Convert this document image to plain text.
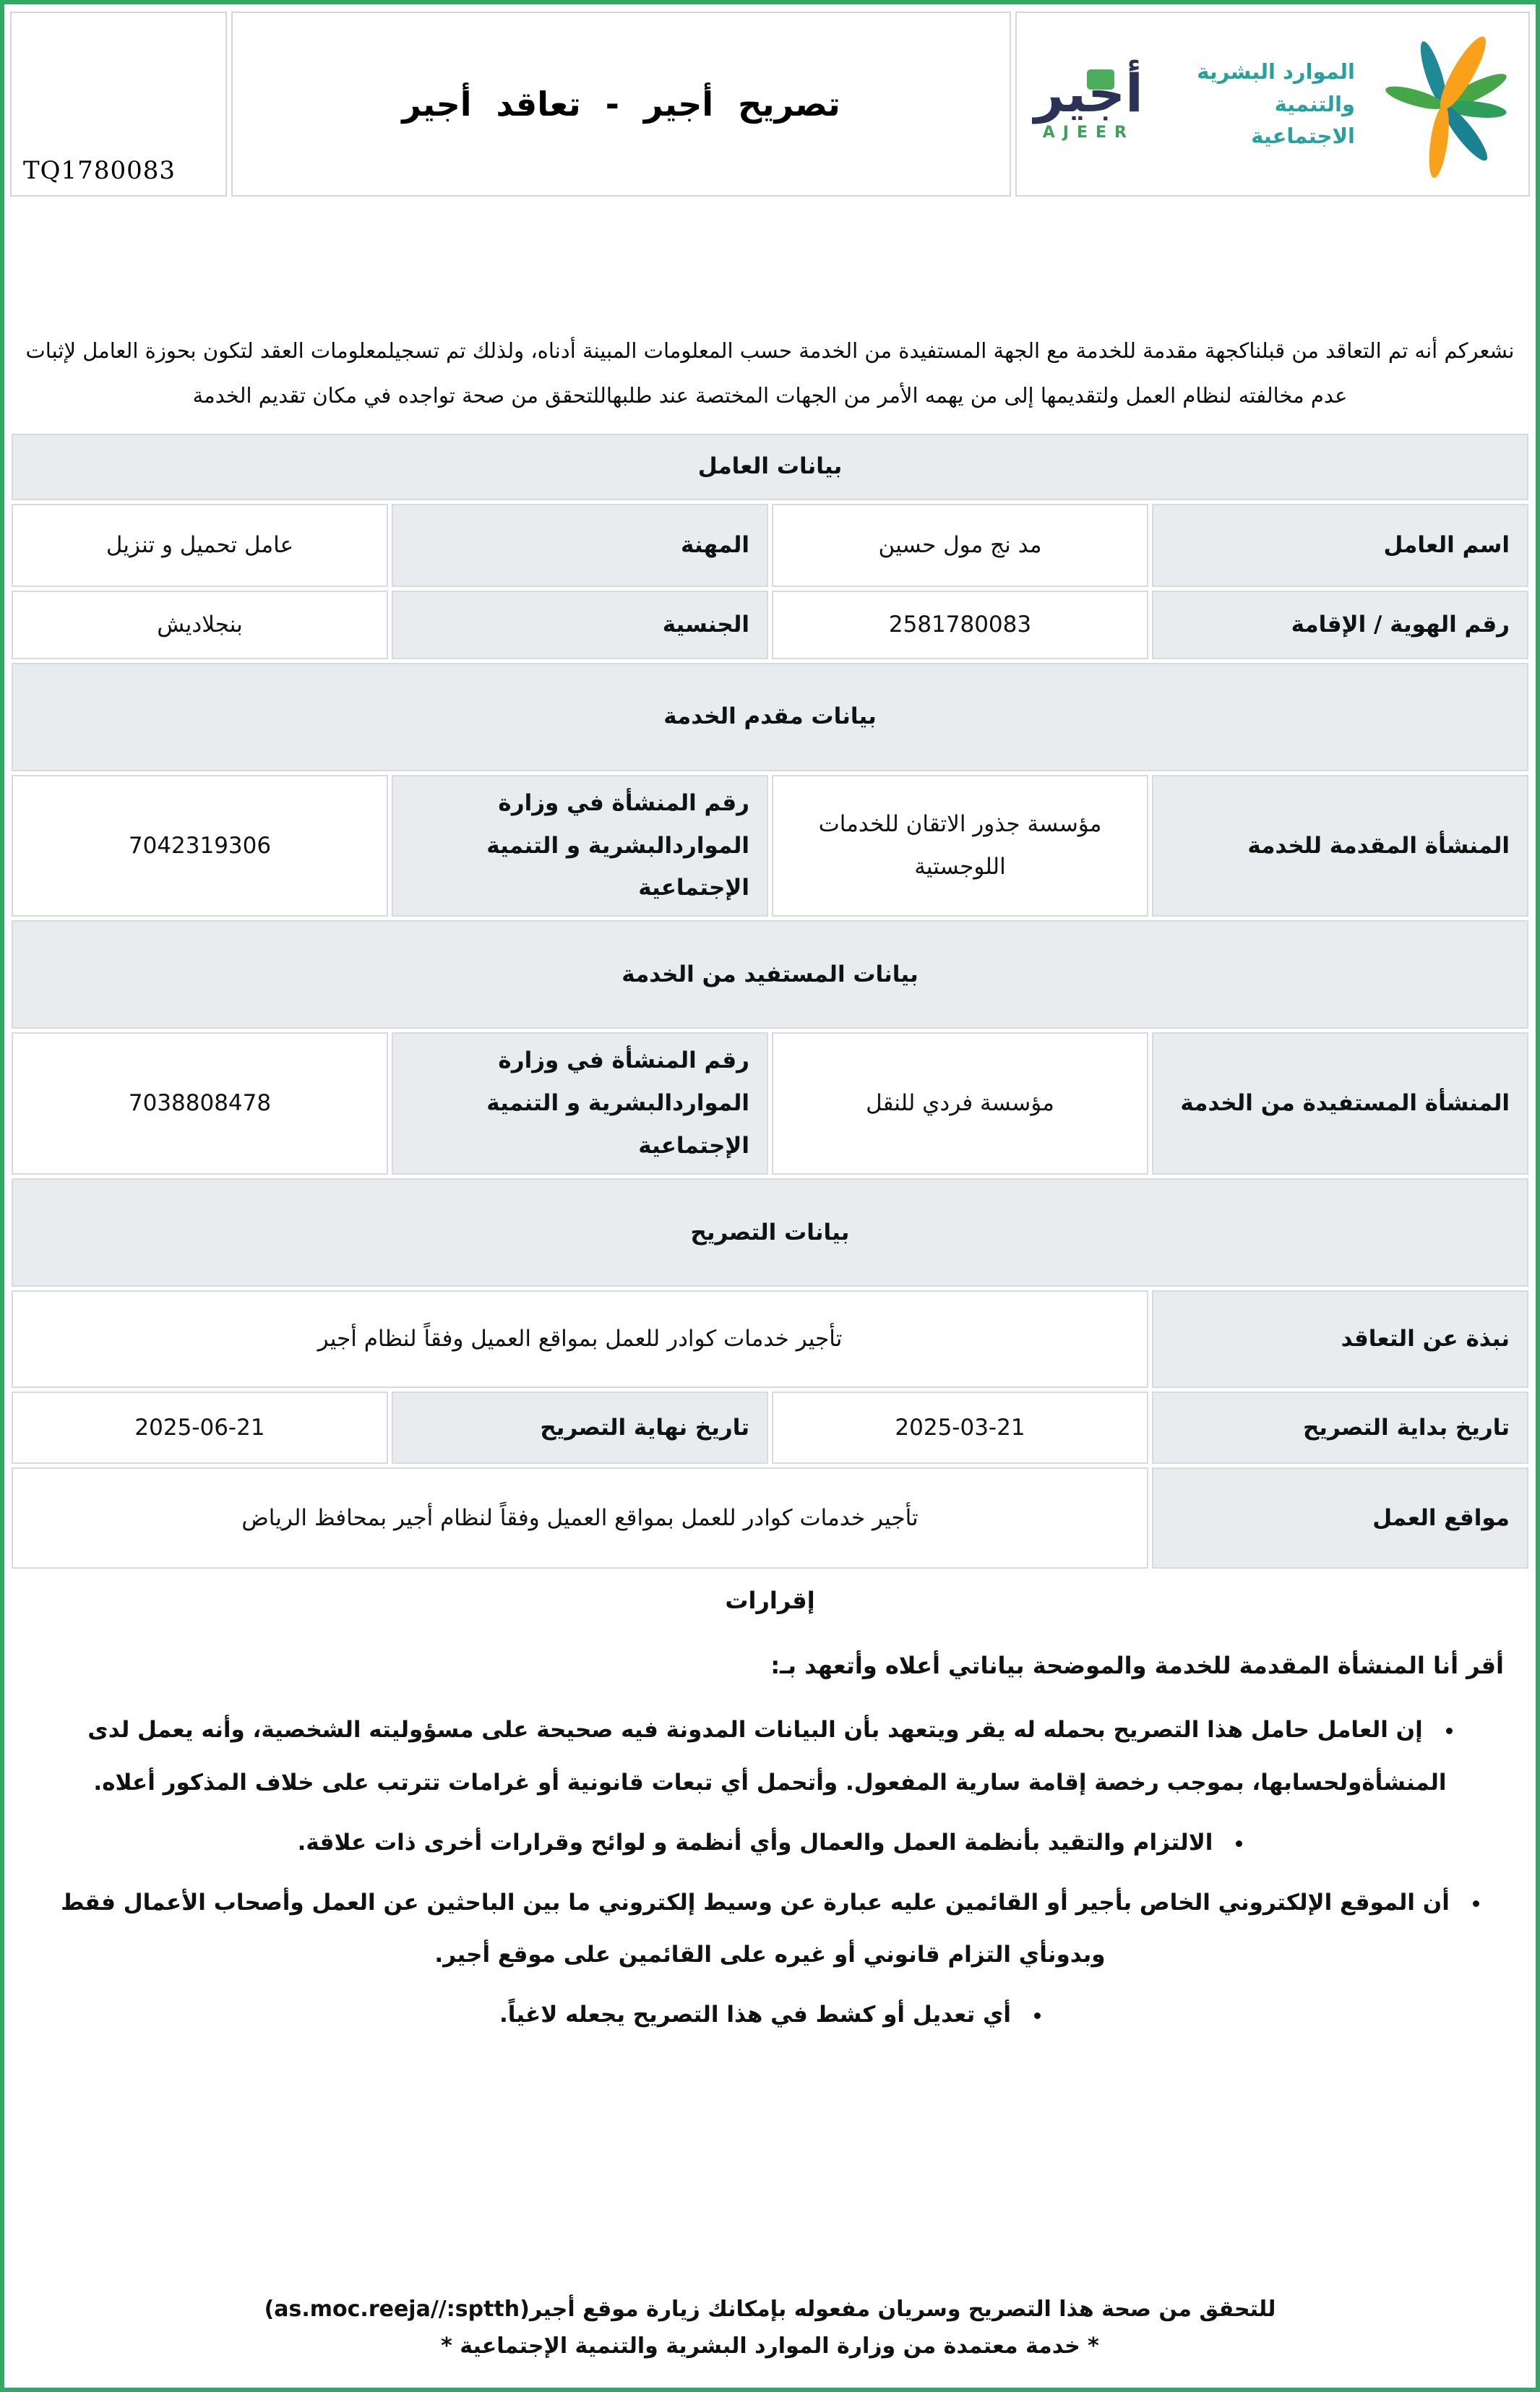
TQ1780083
تصريح أجير - تعاقد أجير	أجير
AJEER
الموارد البشرية
والتنمية الاجتماعية

نشعركم أنه تم التعاقد من قبلناكجهة مقدمة للخدمة مع الجهة المستفيدة من الخدمة حسب المعلومات المبينة أدناه، ولذلك تم تسجيلمعلومات العقد لتكون بحوزة العامل لإثبات عدم مخالفته لنظام العمل ولتقديمها إلى من يهمه الأمر من الجهات المختصة عند طلبهاللتحقق من صحة تواجده في مكان تقديم الخدمة

بيانات العامل			
اسم العامل	مد نج مول حسين	المهنة	عامل تحميل و تنزيل
رقم الهوية / الإقامة	2581780083	الجنسية	بنجلاديش
بيانات مقدم الخدمة			
المنشأة المقدمة للخدمة	مؤسسة جذور الاتقان للخدمات اللوجستية	رقم المنشأة في وزارة المواردالبشرية و التنمية الإجتماعية	7042319306
بيانات المستفيد من الخدمة			
المنشأة المستفيدة من الخدمة	مؤسسة فردي للنقل	رقم المنشأة في وزارة المواردالبشرية و التنمية الإجتماعية	7038808478
بيانات التصريح			
نبذة عن التعاقد	تأجير خدمات كوادر للعمل بمواقع العميل وفقاً لنظام أجير		
تاريخ بداية التصريح	2025-03-21	تاريخ نهاية التصريح	2025-06-21
مواقع العمل	تأجير خدمات كوادر للعمل بمواقع العميل وفقاً لنظام أجير بمحافظ الرياض		
إقرارات
أقر أنا المنشأة المقدمة للخدمة والموضحة بياناتي أعلاه وأتعهد بـ:
• إن العامل حامل هذا التصريح بحمله له يقر ويتعهد بأن البيانات المدونة فيه صحيحة على مسؤوليته الشخصية، وأنه يعمل لدى المنشأةولحسابها، بموجب رخصة إقامة سارية المفعول. وأتحمل أي تبعات قانونية أو غرامات تترتب على خلاف المذكور أعلاه.
• الالتزام والتقيد بأنظمة العمل والعمال وأي أنظمة و لوائح وقرارات أخرى ذات علاقة.
• أن الموقع الإلكتروني الخاص بأجير أو القائمين عليه عبارة عن وسيط إلكتروني ما بين الباحثين عن العمل وأصحاب الأعمال فقط وبدونأي التزام قانوني أو غيره على القائمين على موقع أجير.
• أي تعديل أو كشط في هذا التصريح يجعله لاغياً.
للتحقق من صحة هذا التصريح وسريان مفعوله بإمكانك زيارة موقع أجير(as.moc.reeja//:sptth)
* خدمة معتمدة من وزارة الموارد البشرية والتنمية الإجتماعية *
